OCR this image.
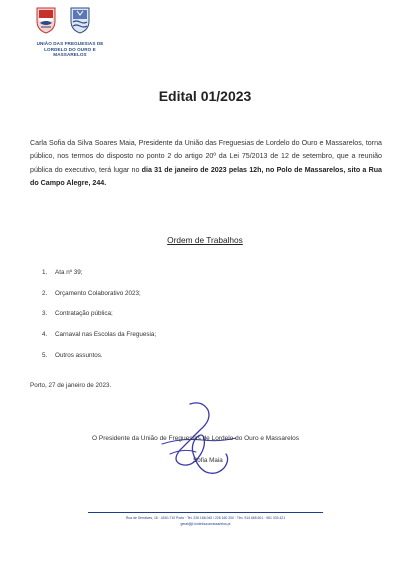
UNIÃO DAS FREGUESIAS DE
LORDELO DO OURO E MASSARELOS
Edital 01/2023
Carla Sofia da Silva Soares Maia, Presidente da União das Freguesias de Lordelo do Ouro e Massarelos, torna público, nos termos do disposto no ponto 2 do artigo 20º da Lei 75/2013 de 12 de setembro, que a reunião pública do executivo, terá lugar no dia 31 de janeiro de 2023 pelas 12h, no Polo de Massarelos, sito a Rua do Campo Alegre, 244.
Ordem de Trabalhos
1. Ata nº 39;
2. Orçamento Colaborativo 2023;
3. Contratação pública;
4. Carnaval nas Escolas da Freguesia;
5. Outros assuntos.
Porto, 27 de janeiro de 2023.
O Presidente da União de Freguesias de Lordelo do Ouro e Massarelos
Sofia Maia
Rua de Serralves, 16 · 4150-710 Porto · Tel. 226 166 040 / 226 160 200 · Tlm. 914 665 601 · 961 033 421
geral@jf-lordelouromassarelos.pt
